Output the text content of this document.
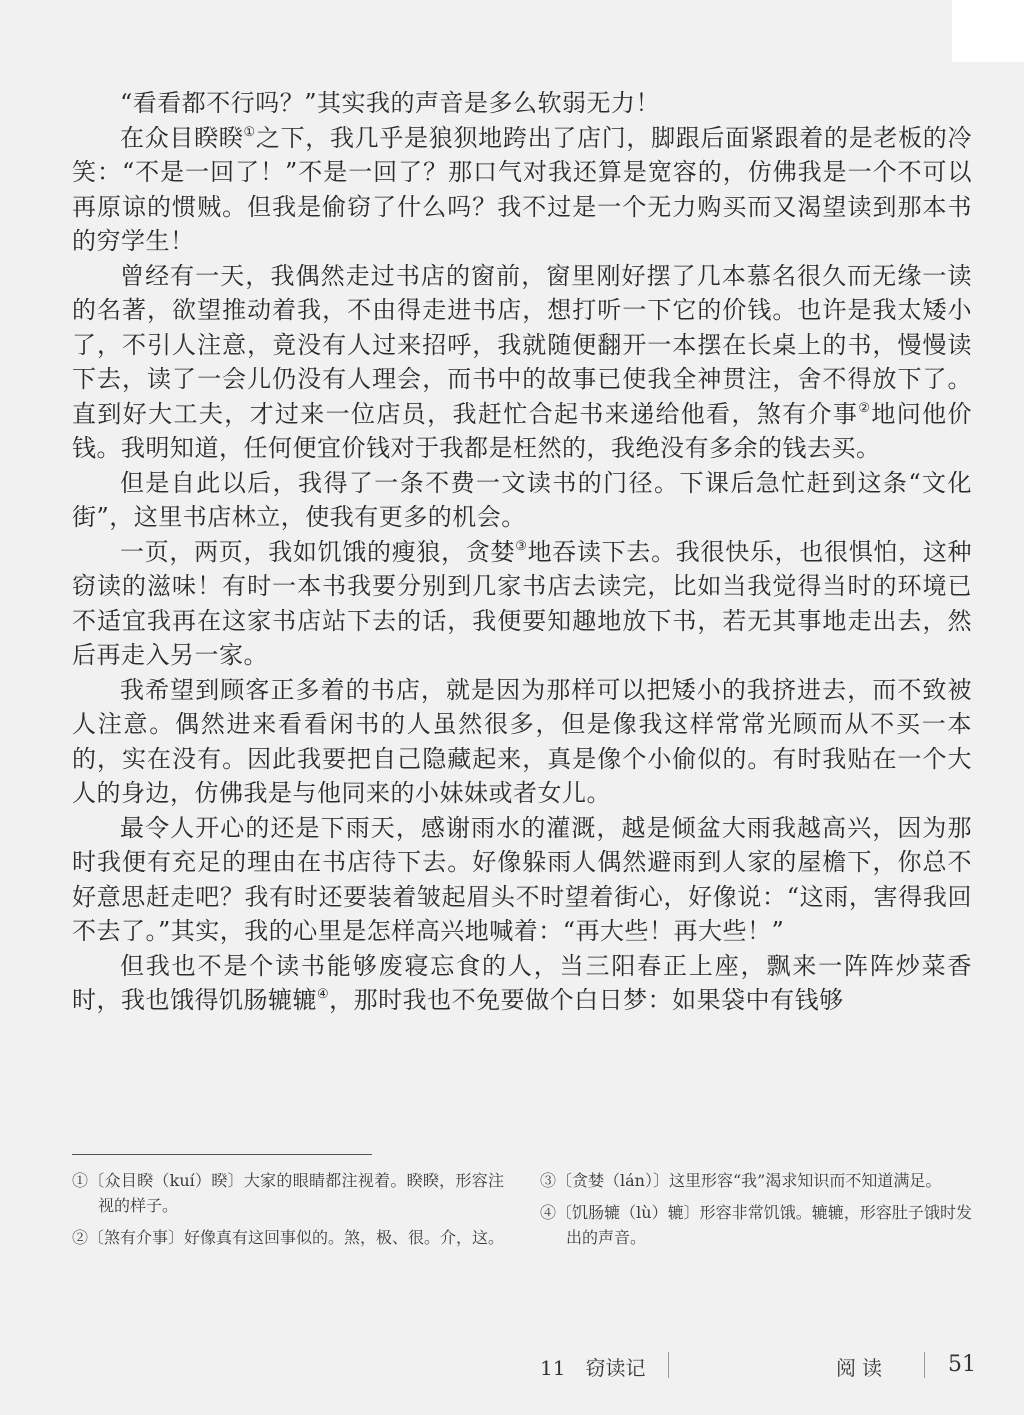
“看看都不行吗？”其实我的声音是多么软弱无力！

在众目睽睽①之下，我几乎是狼狈地跨出了店门，脚跟后面紧跟着的是老板的冷笑：“不是一回了！”不是一回了？那口气对我还算是宽容的，仿佛我是一个不可以再原谅的惯贼。但我是偷窃了什么吗？我不过是一个无力购买而又渴望读到那本书的穷学生！

曾经有一天，我偶然走过书店的窗前，窗里刚好摆了几本慕名很久而无缘一读的名著，欲望推动着我，不由得走进书店，想打听一下它的价钱。也许是我太矮小了，不引人注意，竟没有人过来招呼，我就随便翻开一本摆在长桌上的书，慢慢读下去，读了一会儿仍没有人理会，而书中的故事已使我全神贯注，舍不得放下了。直到好大工夫，才过来一位店员，我赶忙合起书来递给他看，煞有介事②地问他价钱。我明知道，任何便宜价钱对于我都是枉然的，我绝没有多余的钱去买。

但是自此以后，我得了一条不费一文读书的门径。下课后急忙赶到这条“文化街”，这里书店林立，使我有更多的机会。

一页，两页，我如饥饿的瘦狼，贪婪③地吞读下去。我很快乐，也很惧怕，这种窃读的滋味！有时一本书我要分别到几家书店去读完，比如当我觉得当时的环境已不适宜我再在这家书店站下去的话，我便要知趣地放下书，若无其事地走出去，然后再走入另一家。

我希望到顾客正多着的书店，就是因为那样可以把矮小的我挤进去，而不致被人注意。偶然进来看看闲书的人虽然很多，但是像我这样常常光顾而从不买一本的，实在没有。因此我要把自己隐藏起来，真是像个小偷似的。有时我贴在一个大人的身边，仿佛我是与他同来的小妹妹或者女儿。

最令人开心的还是下雨天，感谢雨水的灌溉，越是倾盆大雨我越高兴，因为那时我便有充足的理由在书店待下去。好像躲雨人偶然避雨到人家的屋檐下，你总不好意思赶走吧？我有时还要装着皱起眉头不时望着街心，好像说：“这雨，害得我回不去了。”其实，我的心里是怎样高兴地喊着：“再大些！再大些！”

但我也不是个读书能够废寝忘食的人，当三阳春正上座，飘来一阵阵炒菜香时，我也饿得饥肠辘辘④，那时我也不免要做个白日梦：如果袋中有钱够

①〔众目睽（kuí）睽〕大家的眼睛都注视着。睽睽，形容注视的样子。

②〔煞有介事〕好像真有这回事似的。煞，极、很。介，这。

③〔贪婪（lán）〕这里形容“我”渴求知识而不知道满足。

④〔饥肠辘（lù）辘〕形容非常饥饿。辘辘，形容肚子饿时发出的声音。

11　窃读记	阅读	51
